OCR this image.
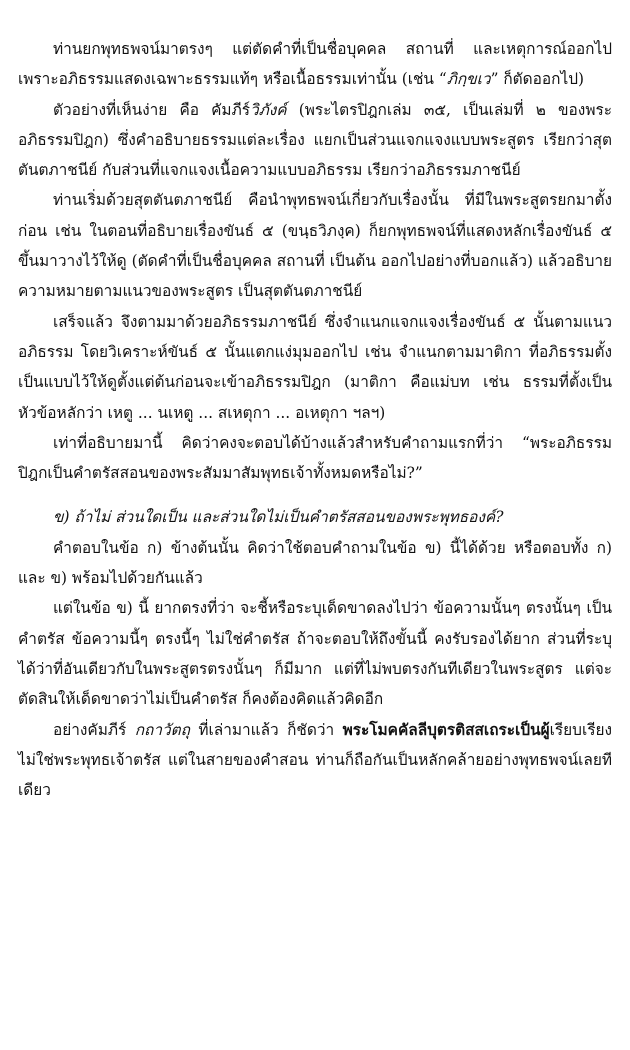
ท่านยกพุทธพจน์มาตรงๆ แต่ตัดคำที่เป็นชื่อบุคคล สถานที่ และเหตุการณ์ออกไป เพราะอภิธรรมแสดงเฉพาะธรรมแท้ๆ หรือเนื้อธรรมเท่านั้น (เช่น “ภิกฺขเว” ก็ตัดออกไป)

ตัวอย่างที่เห็นง่าย คือ คัมภีร์วิภังค์ (พระไตรปิฎกเล่ม ๓๕, เป็นเล่มที่ ๒ ของพระอภิธรรมปิฎก) ซึ่งคำอธิบายธรรมแต่ละเรื่อง แยกเป็นส่วนแจกแจงแบบพระสูตร เรียกว่าสุตตันตภาชนีย์ กับส่วนที่แจกแจงเนื้อความแบบอภิธรรม เรียกว่าอภิธรรมภาชนีย์

ท่านเริ่มด้วยสุตตันตภาชนีย์ คือนำพุทธพจน์เกี่ยวกับเรื่องนั้น ที่มีในพระสูตรยกมาตั้งก่อน เช่น ในตอนที่อธิบายเรื่องขันธ์ ๕ (ขนฺธวิภงฺค) ก็ยกพุทธพจน์ที่แสดงหลักเรื่องขันธ์ ๕ ขึ้นมาวางไว้ให้ดู (ตัดคำที่เป็นชื่อบุคคล สถานที่ เป็นต้น ออกไปอย่างที่บอกแล้ว) แล้วอธิบายความหมายตามแนวของพระสูตร เป็นสุตตันตภาชนีย์

เสร็จแล้ว จึงตามมาด้วยอภิธรรมภาชนีย์ ซึ่งจำแนกแจกแจงเรื่องขันธ์ ๕ นั้นตามแนวอภิธรรม โดยวิเคราะห์ขันธ์ ๕ นั้นแตกแง่มุมออกไป เช่น จำแนกตามมาติกา ที่อภิธรรมตั้งเป็นแบบไว้ให้ดูตั้งแต่ต้นก่อนจะเข้าอภิธรรมปิฎก (มาติกา คือแม่บท เช่น ธรรมที่ตั้งเป็นหัวข้อหลักว่า เหตู ... นเหตู ... สเหตุกา ... อเหตุกา ฯลฯ)

เท่าที่อธิบายมานี้ คิดว่าคงจะตอบได้บ้างแล้วสำหรับคำถามแรกที่ว่า “พระอภิธรรมปิฎกเป็นคำตรัสสอนของพระสัมมาสัมพุทธเจ้าทั้งหมดหรือไม่?”

ข) ถ้าไม่ ส่วนใดเป็น และส่วนใดไม่เป็นคำตรัสสอนของพระพุทธองค์?

คำตอบในข้อ ก) ข้างต้นนั้น คิดว่าใช้ตอบคำถามในข้อ ข) นี้ได้ด้วย หรือตอบทั้ง ก) และ ข) พร้อมไปด้วยกันแล้ว

แต่ในข้อ ข) นี้ ยากตรงที่ว่า จะชี้หรือระบุเด็ดขาดลงไปว่า ข้อความนั้นๆ ตรงนั้นๆ เป็นคำตรัส ข้อความนี้ๆ ตรงนี้ๆ ไม่ใช่คำตรัส ถ้าจะตอบให้ถึงขั้นนี้ คงรับรองได้ยาก ส่วนที่ระบุได้ว่าที่อันเดียวกับในพระสูตรตรงนั้นๆ ก็มีมาก แต่ที่ไม่พบตรงกันทีเดียวในพระสูตร แต่จะตัดสินให้เด็ดขาดว่าไม่เป็นคำตรัส ก็คงต้องคิดแล้วคิดอีก

อย่างคัมภีร์ กถาวัตถุ ที่เล่ามาแล้ว ก็ชัดว่า พระโมคคัลลีบุตรติสสเถระเป็นผู้เรียบเรียง ไม่ใช่พระพุทธเจ้าตรัส แต่ในสายของคำสอน ท่านก็ถือกันเป็นหลักคล้ายอย่างพุทธพจน์เลยทีเดียว
